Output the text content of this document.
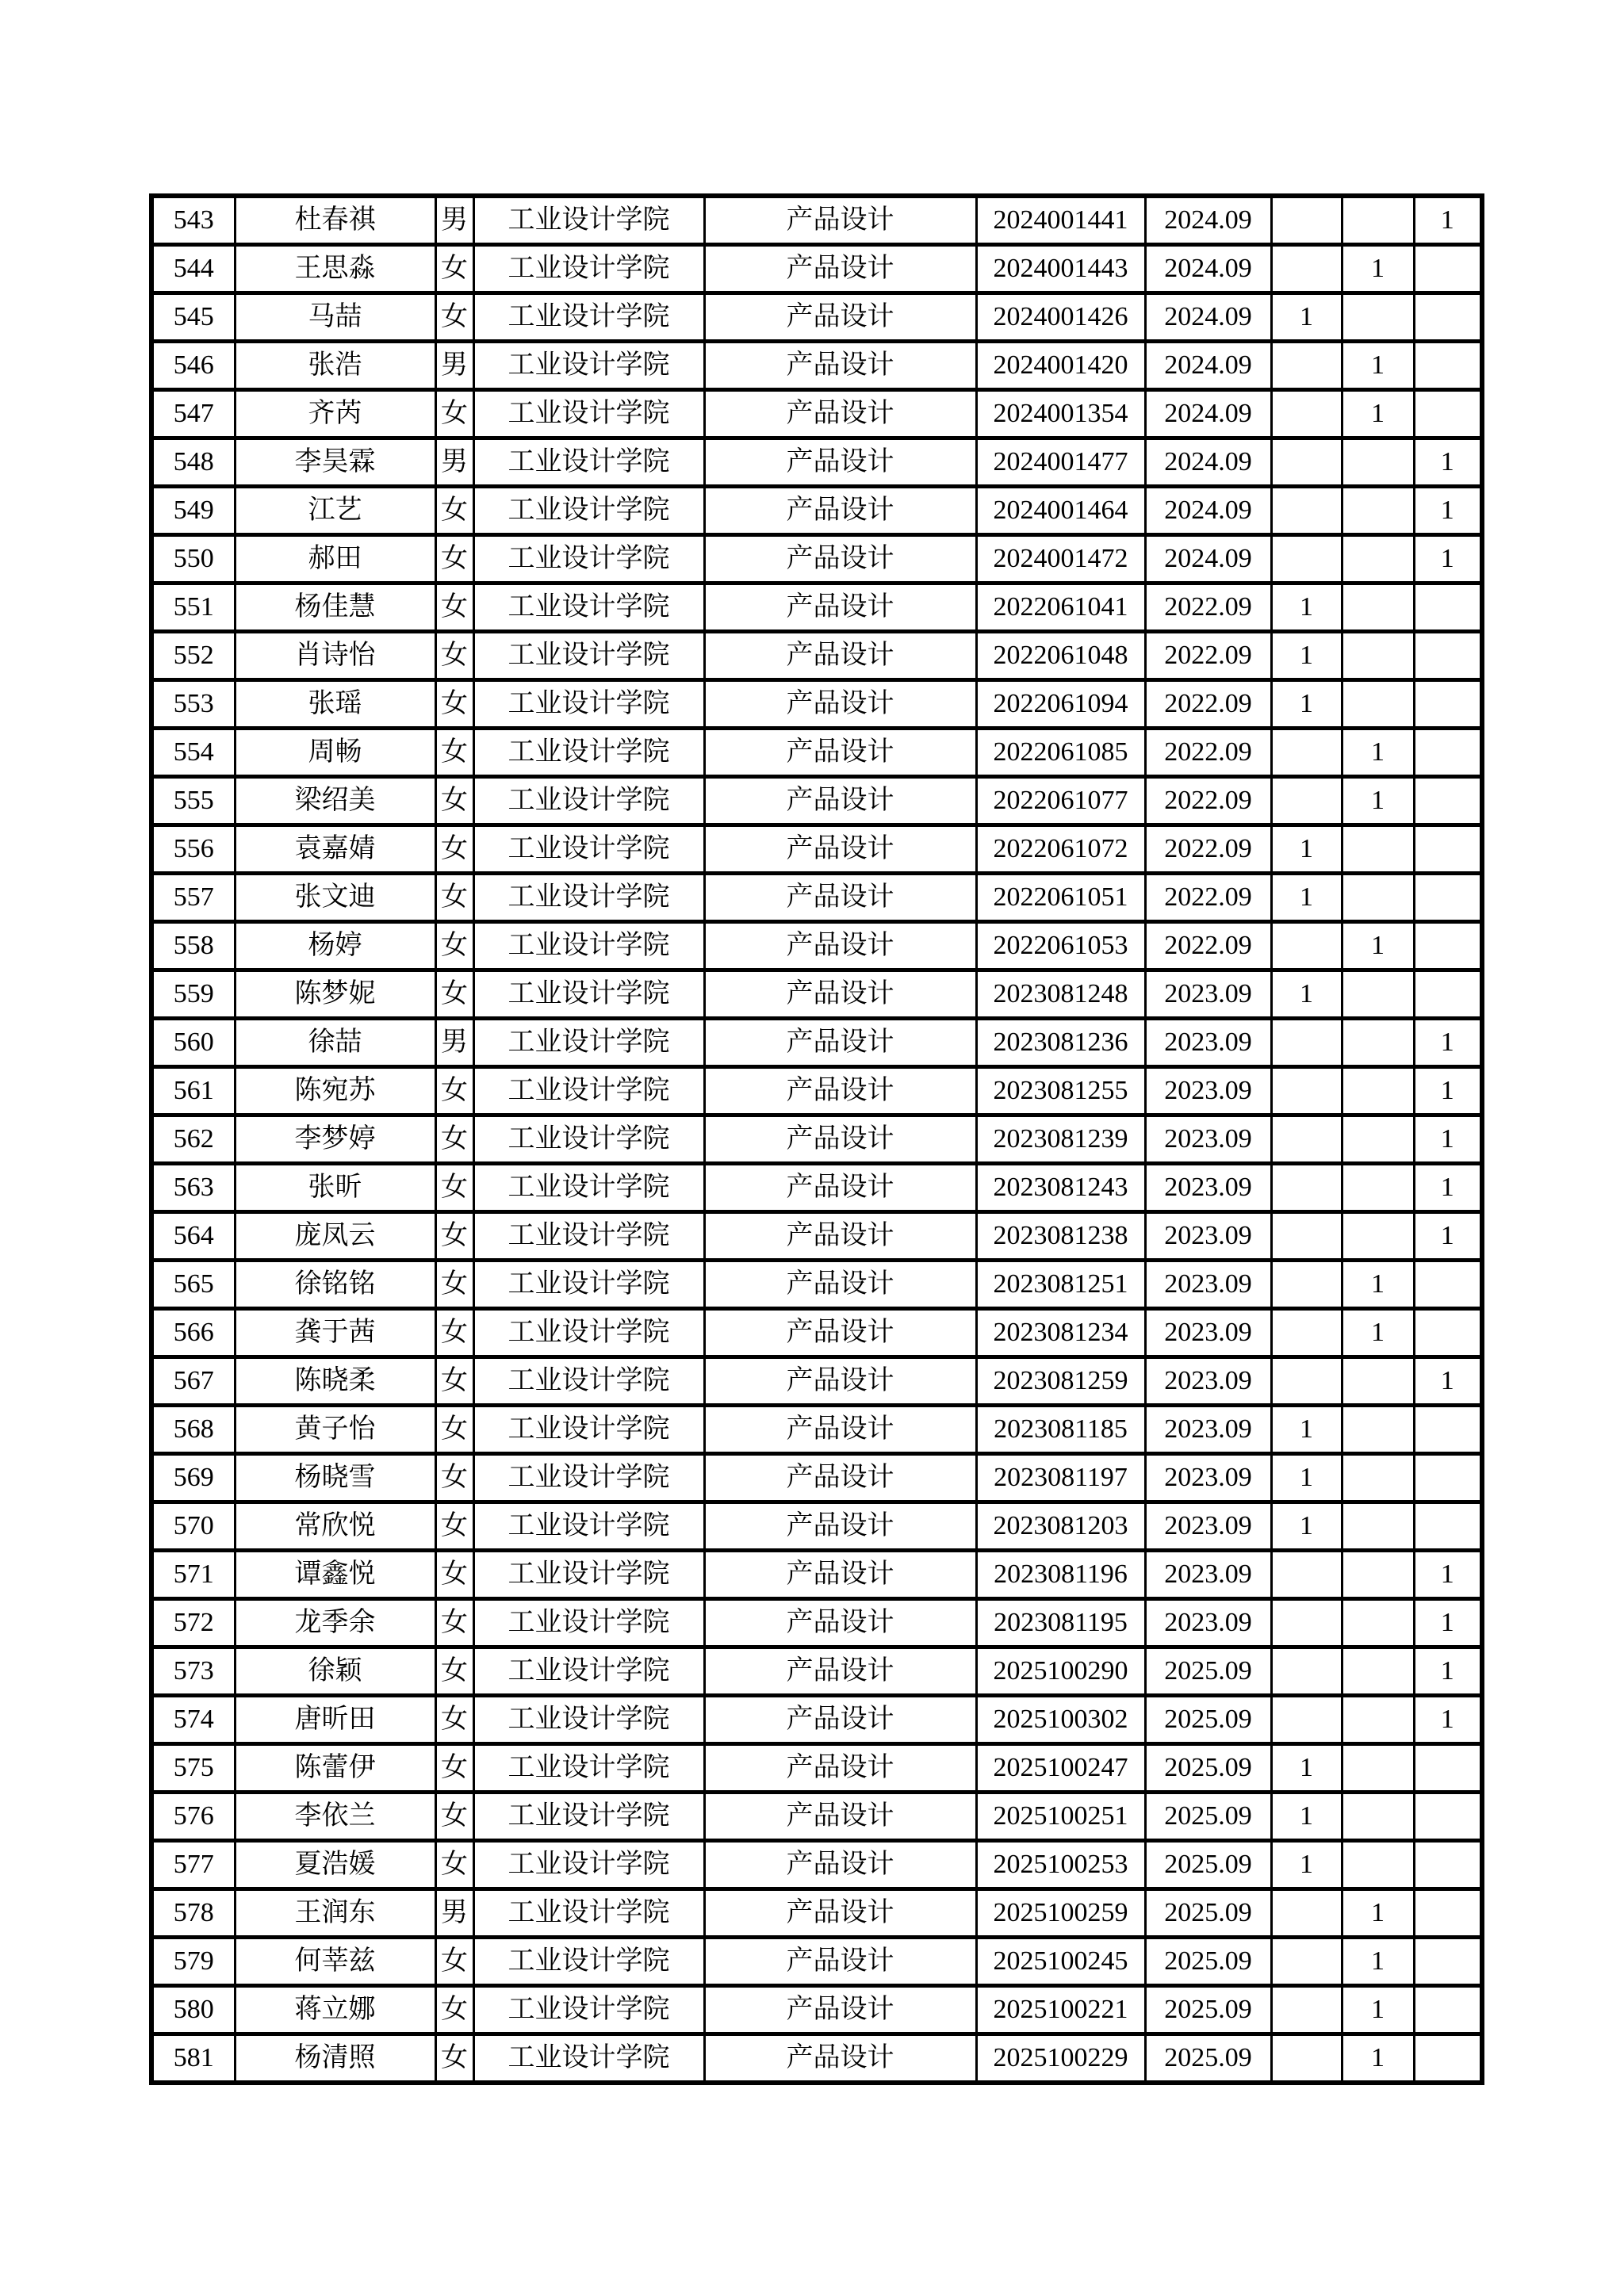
543	杜春祺	男	工业设计学院	产品设计	2024001441	2024.09			1
544	王思淼	女	工业设计学院	产品设计	2024001443	2024.09		1	
545	马喆	女	工业设计学院	产品设计	2024001426	2024.09	1		
546	张浩	男	工业设计学院	产品设计	2024001420	2024.09		1	
547	齐芮	女	工业设计学院	产品设计	2024001354	2024.09		1	
548	李昊霖	男	工业设计学院	产品设计	2024001477	2024.09			1
549	江艺	女	工业设计学院	产品设计	2024001464	2024.09			1
550	郝田	女	工业设计学院	产品设计	2024001472	2024.09			1
551	杨佳慧	女	工业设计学院	产品设计	2022061041	2022.09	1		
552	肖诗怡	女	工业设计学院	产品设计	2022061048	2022.09	1		
553	张瑶	女	工业设计学院	产品设计	2022061094	2022.09	1		
554	周畅	女	工业设计学院	产品设计	2022061085	2022.09		1	
555	梁绍美	女	工业设计学院	产品设计	2022061077	2022.09		1	
556	袁嘉婧	女	工业设计学院	产品设计	2022061072	2022.09	1		
557	张文迪	女	工业设计学院	产品设计	2022061051	2022.09	1		
558	杨婷	女	工业设计学院	产品设计	2022061053	2022.09		1	
559	陈梦妮	女	工业设计学院	产品设计	2023081248	2023.09	1		
560	徐喆	男	工业设计学院	产品设计	2023081236	2023.09			1
561	陈宛苏	女	工业设计学院	产品设计	2023081255	2023.09			1
562	李梦婷	女	工业设计学院	产品设计	2023081239	2023.09			1
563	张昕	女	工业设计学院	产品设计	2023081243	2023.09			1
564	庞凤云	女	工业设计学院	产品设计	2023081238	2023.09			1
565	徐铭铭	女	工业设计学院	产品设计	2023081251	2023.09		1	
566	龚于茜	女	工业设计学院	产品设计	2023081234	2023.09		1	
567	陈晓柔	女	工业设计学院	产品设计	2023081259	2023.09			1
568	黄子怡	女	工业设计学院	产品设计	2023081185	2023.09	1		
569	杨晓雪	女	工业设计学院	产品设计	2023081197	2023.09	1		
570	常欣悦	女	工业设计学院	产品设计	2023081203	2023.09	1		
571	谭鑫悦	女	工业设计学院	产品设计	2023081196	2023.09			1
572	龙季余	女	工业设计学院	产品设计	2023081195	2023.09			1
573	徐颖	女	工业设计学院	产品设计	2025100290	2025.09			1
574	唐昕田	女	工业设计学院	产品设计	2025100302	2025.09			1
575	陈蕾伊	女	工业设计学院	产品设计	2025100247	2025.09	1		
576	李依兰	女	工业设计学院	产品设计	2025100251	2025.09	1		
577	夏浩媛	女	工业设计学院	产品设计	2025100253	2025.09	1		
578	王润东	男	工业设计学院	产品设计	2025100259	2025.09		1	
579	何莘兹	女	工业设计学院	产品设计	2025100245	2025.09		1	
580	蒋立娜	女	工业设计学院	产品设计	2025100221	2025.09		1	
581	杨清照	女	工业设计学院	产品设计	2025100229	2025.09		1	
